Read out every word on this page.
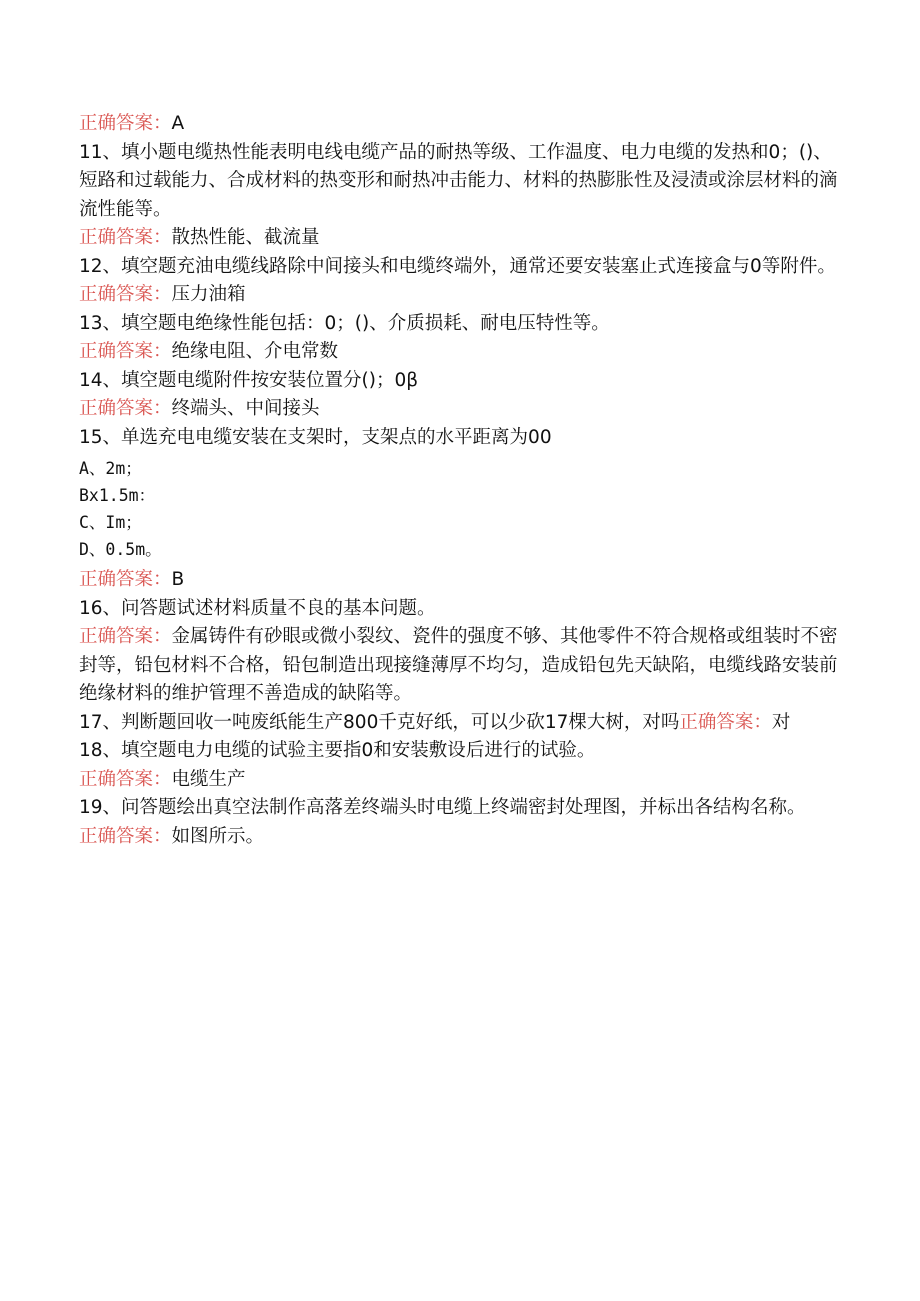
正确答案：A

11、填小题电缆热性能表明电线电缆产品的耐热等级、工作温度、电力电缆的发热和0；()、短路和过载能力、合成材料的热变形和耐热冲击能力、材料的热膨胀性及浸渍或涂层材料的滴流性能等。

正确答案：散热性能、截流量

12、填空题充油电缆线路除中间接头和电缆终端外，通常还要安装塞止式连接盒与0等附件。

正确答案：压力油箱

13、填空题电绝缘性能包括：0；()、介质损耗、耐电压特性等。

正确答案：绝缘电阻、介电常数

14、填空题电缆附件按安装位置分()；0β

正确答案：终端头、中间接头

15、单选充电电缆安装在支架时，支架点的水平距离为00

A、2m；

Bx1.5m：

C、Im；

D、0.5m。

正确答案：B

16、问答题试述材料质量不良的基本问题。

正确答案：金属铸件有砂眼或微小裂纹、瓷件的强度不够、其他零件不符合规格或组装时不密封等，铅包材料不合格，铅包制造出现接缝薄厚不均匀，造成铅包先天缺陷，电缆线路安装前绝缘材料的维护管理不善造成的缺陷等。

17、判断题回收一吨废纸能生产800千克好纸，可以少砍17棵大树，对吗正确答案：对

18、填空题电力电缆的试验主要指0和安装敷设后进行的试验。

正确答案：电缆生产

19、问答题绘出真空法制作高落差终端头时电缆上终端密封处理图，并标出各结构名称。

正确答案：如图所示。
